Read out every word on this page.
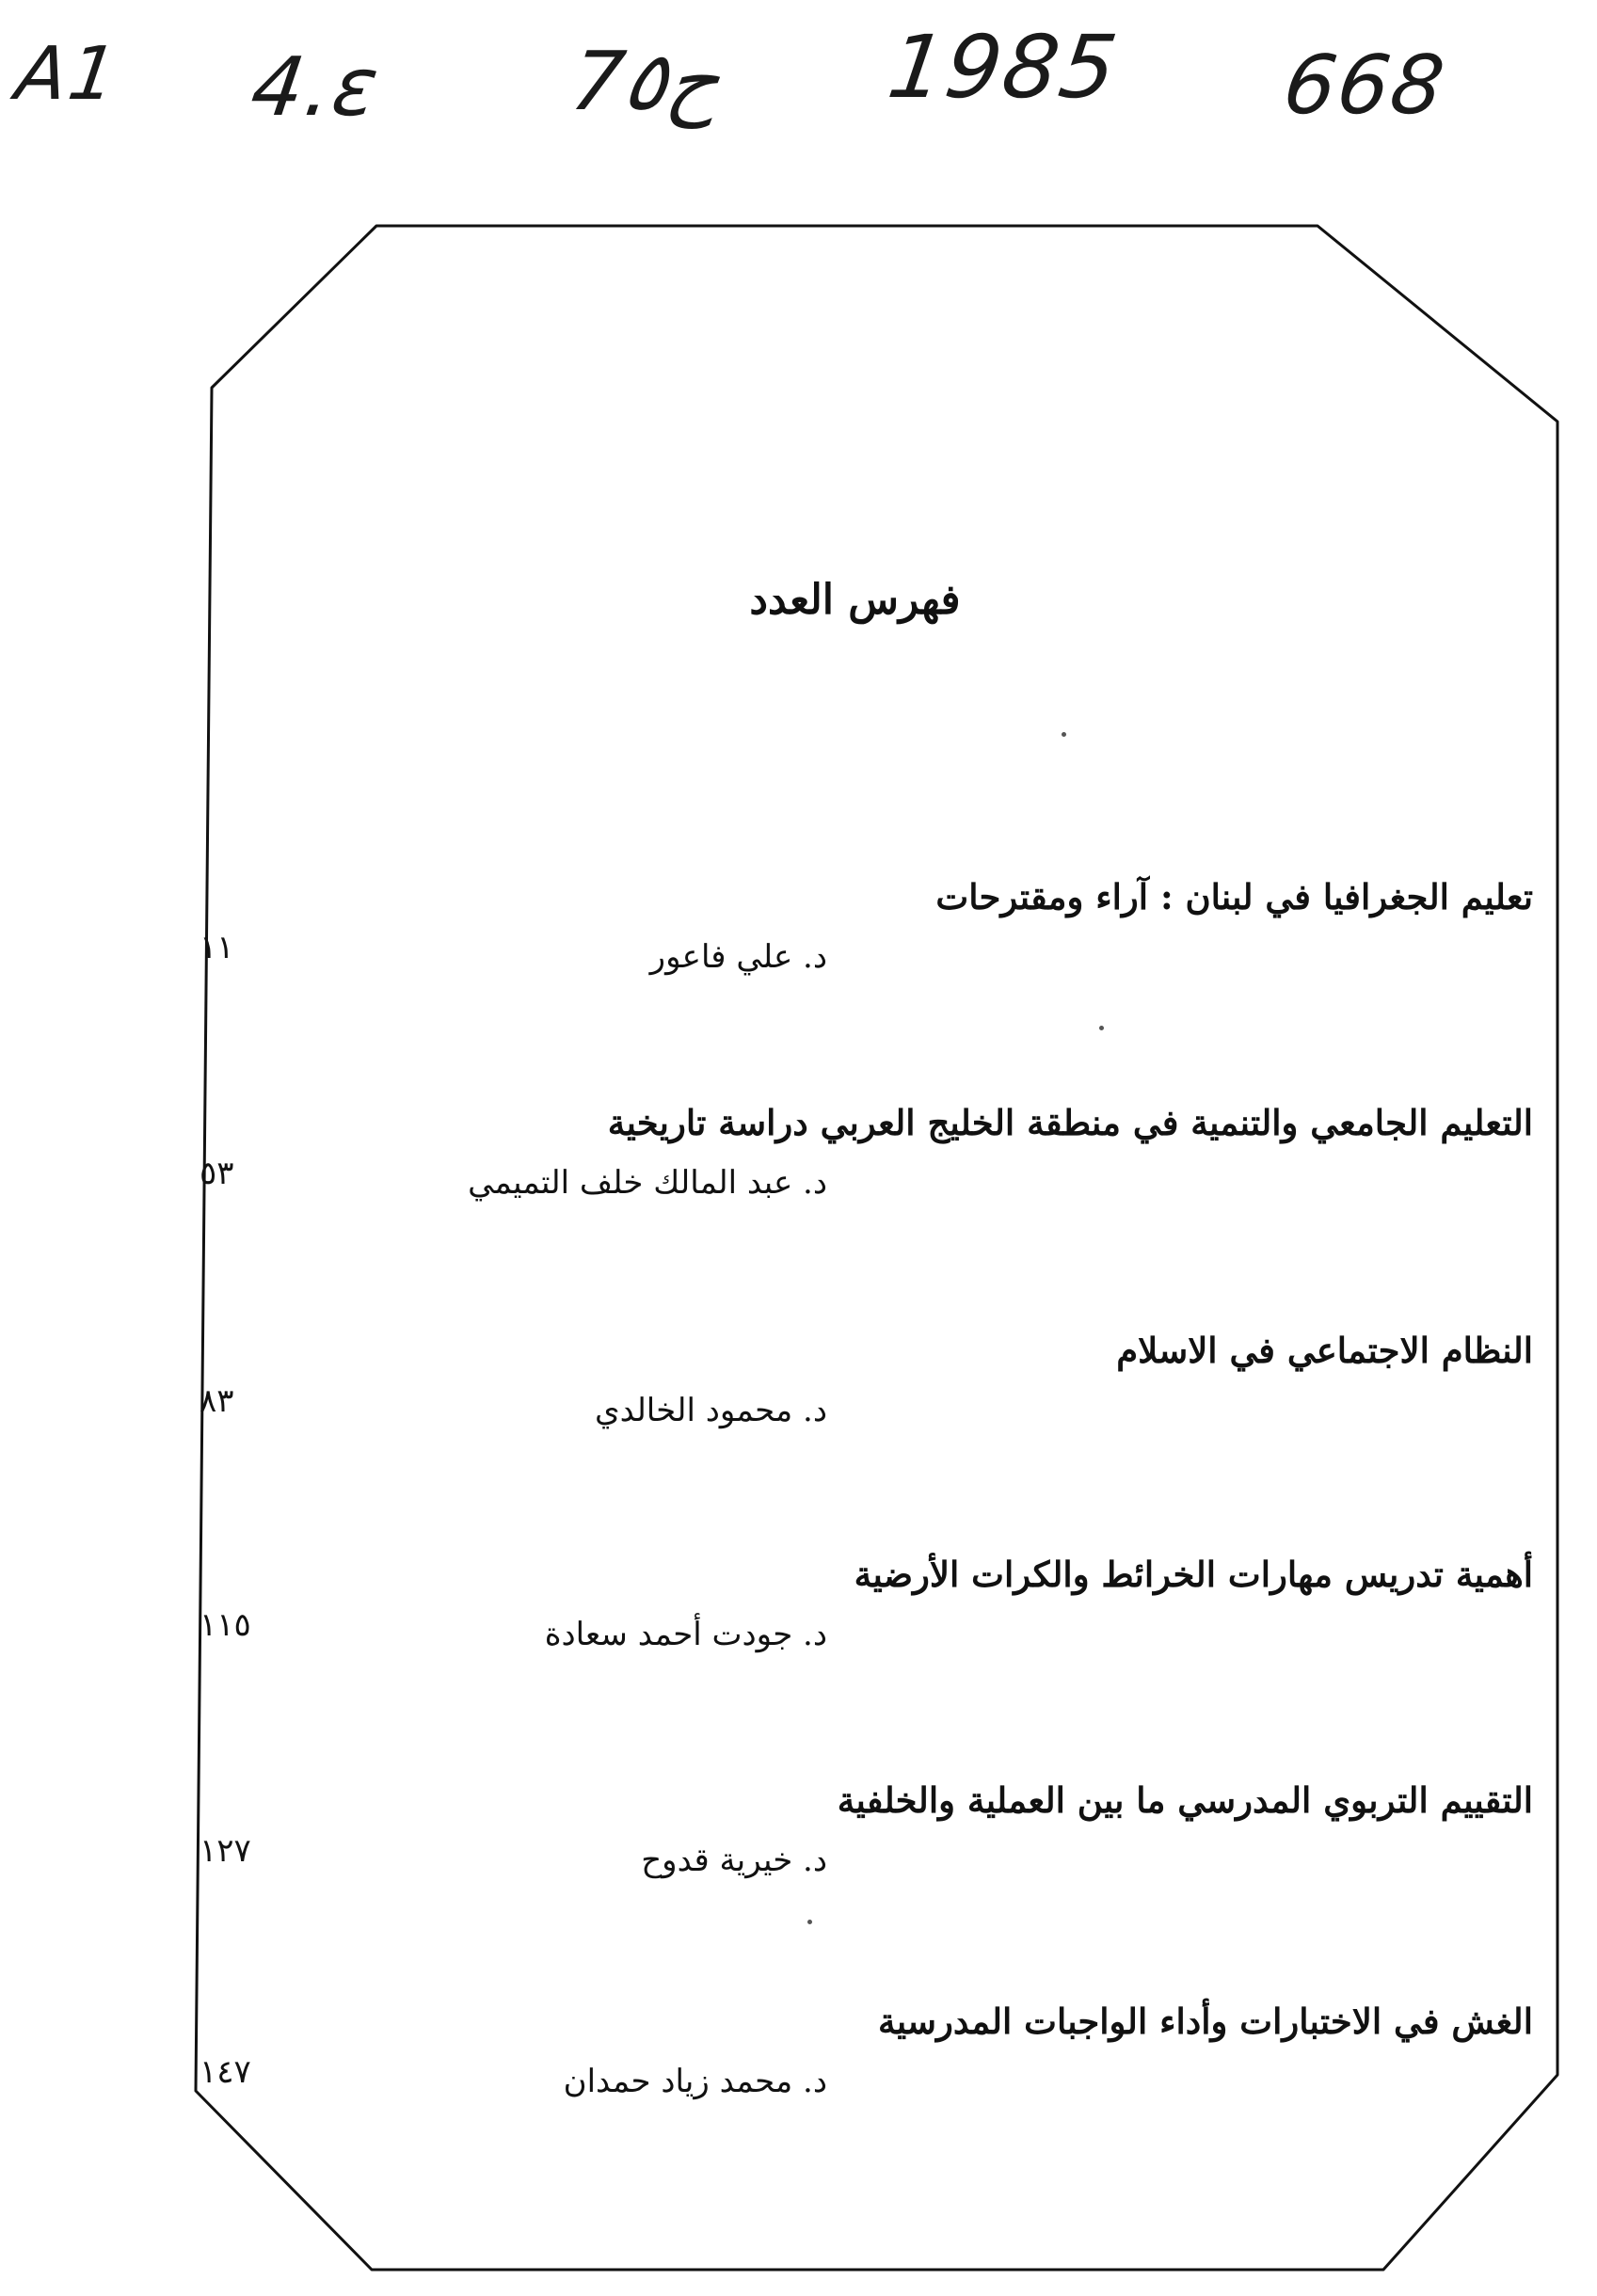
A1 4.ε 7ح٥ 1985 668
فهرس العدد
تعليم الجغرافيا في لبنان : آراء ومقترحات
د. علي فاعور
١١
التعليم الجامعي والتنمية في منطقة الخليج العربي دراسة تاريخية
د. عبد المالك خلف التميمي
٥٣
النظام الاجتماعي في الاسلام
د. محمود الخالدي
٨٣
أهمية تدريس مهارات الخرائط والكرات الأرضية
د. جودت أحمد سعادة
١١٥
التقييم التربوي المدرسي ما بين العملية والخلفية
د. خيرية قدوح
١٢٧
الغش في الاختبارات وأداء الواجبات المدرسية
د. محمد زياد حمدان
١٤٧
